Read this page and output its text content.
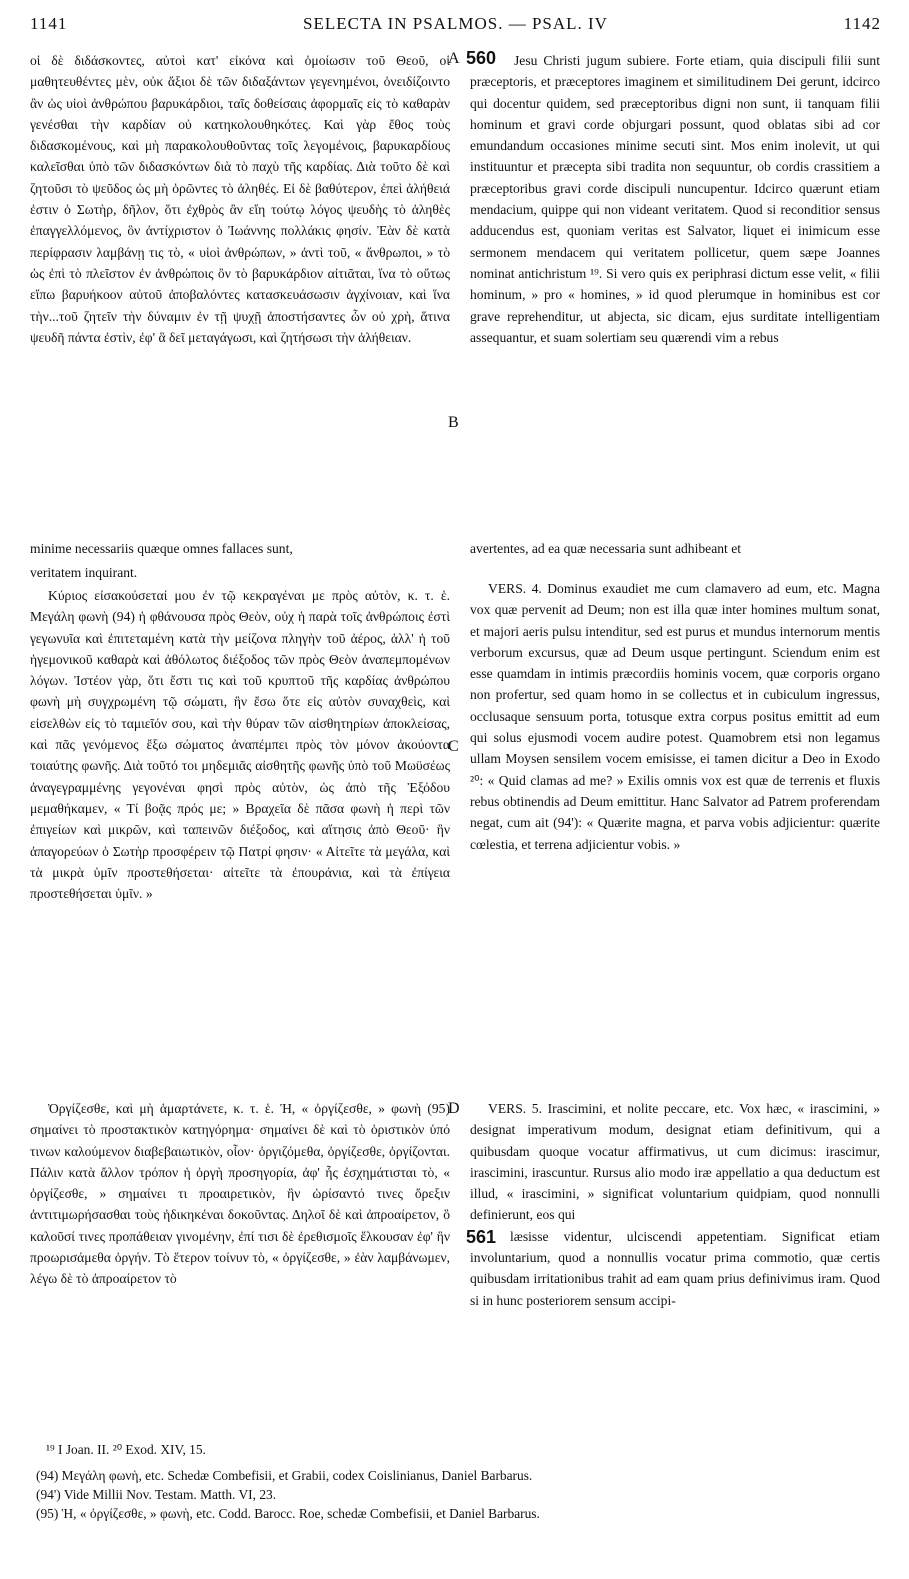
1141	SELECTA IN PSALMOS. — PSAL. IV	1142

οἱ δὲ διδάσκοντες, αὐτοὶ κατ' εἰκόνα καὶ ὁμοίωσιν τοῦ Θεοῦ, οἱ μαθητευθέντες μὲν, οὐκ ἄξιοι δὲ τῶν διδαξάντων γεγενημένοι, ὀνειδίζοιντο ἂν ὡς υἱοὶ ἀνθρώπου βαρυκάρδιοι, ταῖς δοθείσαις ἀφορμαῖς εἰς τὸ καθαρὰν γενέσθαι τὴν καρδίαν οὐ κατηκολουθηκότες. Καὶ γὰρ ἔθος τοὺς διδασκομένους, καὶ μὴ παρακολουθοῦντας τοῖς λεγομένοις, βαρυκαρδίους καλεῖσθαι ὑπὸ τῶν διδασκόντων διὰ τὸ παχὺ τῆς καρδίας. Διὰ τοῦτο δὲ καὶ ζητοῦσι τὸ ψεῦδος ὡς μὴ ὁρῶντες τὸ ἀληθές. Εἰ δὲ βαθύτερον, ἐπεὶ ἀλήθειά ἐστιν ὁ Σωτὴρ, δῆλον, ὅτι ἐχθρὸς ἂν εἴη τούτῳ λόγος ψευδὴς τὸ ἀληθὲς ἐπαγγελλόμενος, ὃν ἀντίχριστον ὁ Ἰωάννης πολλάκις φησίν. Ἐὰν δὲ κατὰ περίφρασιν λαμβάνῃ τις τὸ, « υἱοὶ ἀνθρώπων, » ἀντὶ τοῦ, « ἄνθρωποι, » τὸ ὡς ἐπὶ τὸ πλεῖστον ἐν ἀνθρώποις ὂν τὸ βαρυκάρδιον αἰτιᾶται, ἵνα τὸ οὕτως εἴπω βαρυήκοον αὐτοῦ ἀποβαλόντες κατασκευάσωσιν ἀγχίνοιαν, καὶ ἵνα τὴν...τοῦ ζητεῖν τὴν δύναμιν ἐν τῇ ψυχῇ ἀποστήσαντες ὧν οὐ χρὴ, ἅτινα ψευδῆ πάντα ἐστὶν, ἐφ' ἃ δεῖ μεταγάγωσι, καὶ ζητήσωσι τὴν ἀλήθειαν.

Κύριος εἰσακούσεταί μου ἐν τῷ κεκραγέναι με πρὸς αὐτὸν, κ. τ. ἑ. Μεγάλη φωνὴ (94) ἡ φθάνουσα πρὸς Θεὸν, οὐχ ἡ παρὰ τοῖς ἀνθρώποις ἐστὶ γεγωνυῖα καὶ ἐπιτεταμένη κατὰ τὴν μείζονα πληγὴν τοῦ ἀέρος, ἀλλ' ἡ τοῦ ἡγεμονικοῦ καθαρὰ καὶ ἀθόλωτος διέξοδος τῶν πρὸς Θεὸν ἀναπεμπομένων λόγων. Ἰστέον γὰρ, ὅτι ἔστι τις καὶ τοῦ κρυπτοῦ τῆς καρδίας ἀνθρώπου φωνὴ μὴ συγχρωμένη τῷ σώματι, ἣν ἔσω ὅτε εἰς αὐτὸν συναχθεὶς, καὶ εἰσελθὼν εἰς τὸ ταμιεῖόν σου, καὶ τὴν θύραν τῶν αἰσθητηρίων ἀποκλείσας, καὶ πᾶς γενόμενος ἔξω σώματος ἀναπέμπει πρὸς τὸν μόνον ἀκούοντα τοιαύτης φωνῆς. Διὰ τοῦτό τοι μηδεμιᾶς αἰσθητῆς φωνῆς ὑπὸ τοῦ Μωϋσέως ἀναγεγραμμένης γεγονέναι φησὶ πρὸς αὐτὸν, ὡς ἀπὸ τῆς Ἐξόδου μεμαθήκαμεν, « Τί βοᾷς πρός με; » Βραχεῖα δὲ πᾶσα φωνὴ ἡ περὶ τῶν ἐπιγείων καὶ μικρῶν, καὶ ταπεινῶν διέξοδος, καὶ αἴτησις ἀπὸ Θεοῦ· ἣν ἀπαγορεύων ὁ Σωτὴρ προσφέρειν τῷ Πατρί φησιν· « Αἰτεῖτε τὰ μεγάλα, καὶ τὰ μικρὰ ὑμῖν προστεθήσεται· αἰτεῖτε τὰ ἐπουράνια, καὶ τὰ ἐπίγεια προστεθήσεται ὑμῖν. »

Ὀργίζεσθε, καὶ μὴ ἁμαρτάνετε, κ. τ. ἑ. Ἡ, « ὀργίζεσθε, » φωνὴ (95) σημαίνει τὸ προστακτικὸν κατηγόρημα· σημαίνει δὲ καὶ τὸ ὁριστικὸν ὑπό τινων καλούμενον διαβεβαιωτικὸν, οἷον· ὀργιζόμεθα, ὀργίζεσθε, ὀργίζονται. Πάλιν κατὰ ἄλλον τρόπον ἡ ὀργὴ προσηγορία, ἀφ' ἧς ἐσχημάτισται τὸ, « ὀργίζεσθε, » σημαίνει τι προαιρετικὸν, ἣν ὡρίσαντό τινες ὄρεξιν ἀντιτιμωρήσασθαι τοὺς ἠδικηκέναι δοκοῦντας. Δηλοῖ δὲ καὶ ἀπροαίρετον, ὃ καλοῦσί τινες προπάθειαν γινομένην, ἐπί τισι δὲ ἐρεθισμοῖς ἕλκουσαν ἐφ' ἣν προωρισάμεθα ὀργήν. Τὸ ἕτερον τοίνυν τὸ, « ὀργίζεσθε, » ἐὰν λαμβάνωμεν, λέγω δὲ τὸ ἀπροαίρετον τὸ

Jesu Christi jugum subiere. Forte etiam, quia discipuli filii sunt præceptoris, et præceptores imaginem et similitudinem Dei gerunt, idcirco qui docentur quidem, sed præceptoribus digni non sunt, ii tanquam filii hominum et gravi corde objurgari possunt, quod oblatas sibi ad cor emundandum occasiones minime secuti sint. Mos enim inolevit, ut qui instituuntur et præcepta sibi tradita non sequuntur, ob cordis crassitiem a præceptoribus gravi corde discipuli nuncupentur. Idcirco quærunt etiam mendacium, quippe qui non videant veritatem. Quod si reconditior sensus adducendus est, quoniam veritas est Salvator, liquet ei inimicum esse sermonem mendacem qui veritatem pollicetur, quem sæpe Joannes nominat antichristum ¹⁹. Si vero quis ex periphrasi dictum esse velit, « filii hominum, » pro « homines, » id quod plerumque in hominibus est cor grave reprehenditur, ut abjecta, sic dicam, ejus surditate intelligentiam assequantur, et suam solertiam seu quærendi vim a rebus

VERS. 4. Dominus exaudiet me cum clamavero ad eum, etc. Magna vox quæ pervenit ad Deum; non est illa quæ inter homines multum sonat, et majori aeris pulsu intenditur, sed est purus et mundus internorum mentis verborum excursus, quæ ad Deum usque pertingunt. Sciendum enim est esse quamdam in intimis præcordiis hominis vocem, quæ corporis organo non profertur, sed quam homo in se collectus et in cubiculum ingressus, occlusaque sensuum porta, totusque extra corpus positus emittit ad eum qui solus ejusmodi vocem audire potest. Quamobrem etsi non legamus ullam Moysen sensilem vocem emisisse, ei tamen dicitur a Deo in Exodo ²⁰: « Quid clamas ad me? » Exilis omnis vox est quæ de terrenis et fluxis rebus obtinendis ad Deum emittitur. Hanc Salvator ad Patrem proferendam negat, cum ait (94'): « Quærite magna, et parva vobis adjicientur: quærite cœlestia, et terrena adjicientur vobis. »

VERS. 5. Irascimini, et nolite peccare, etc. Vox hæc, « irascimini, » designat imperativum modum, designat etiam definitivum, qui a quibusdam quoque vocatur affirmativus, ut cum dicimus: irascimur, irascimini, irascuntur. Rursus alio modo iræ appellatio a qua deductum est illud, « irascimini, » significat voluntarium quidpiam, quod nonnulli definierunt, eos qui

læsisse videntur, ulciscendi appetentiam. Significat etiam involuntarium, quod a nonnullis vocatur prima commotio, quæ certis quibusdam irritationibus trahit ad eam quam prius definivimus iram. Quod si in hunc posteriorem sensum accipi-

minime necessariis quæque omnes fallaces sunt,	avertentes, ad ea quæ necessaria sunt adhibeant et
veritatem inquirant.
A 560
B
C
D
561
¹⁹ I Joan. II. ²⁰ Exod. XIV, 15.
(94) Μεγάλη φωνὴ, etc. Schedæ Combefisii, et Grabii, codex Coislinianus, Daniel Barbarus.
(94') Vide Millii Nov. Testam. Matth. VI, 23.
(95) Ἡ, « ὀργίζεσθε, » φωνὴ, etc. Codd. Barocc. Roe, schedæ Combefisii, et Daniel Barbarus.
